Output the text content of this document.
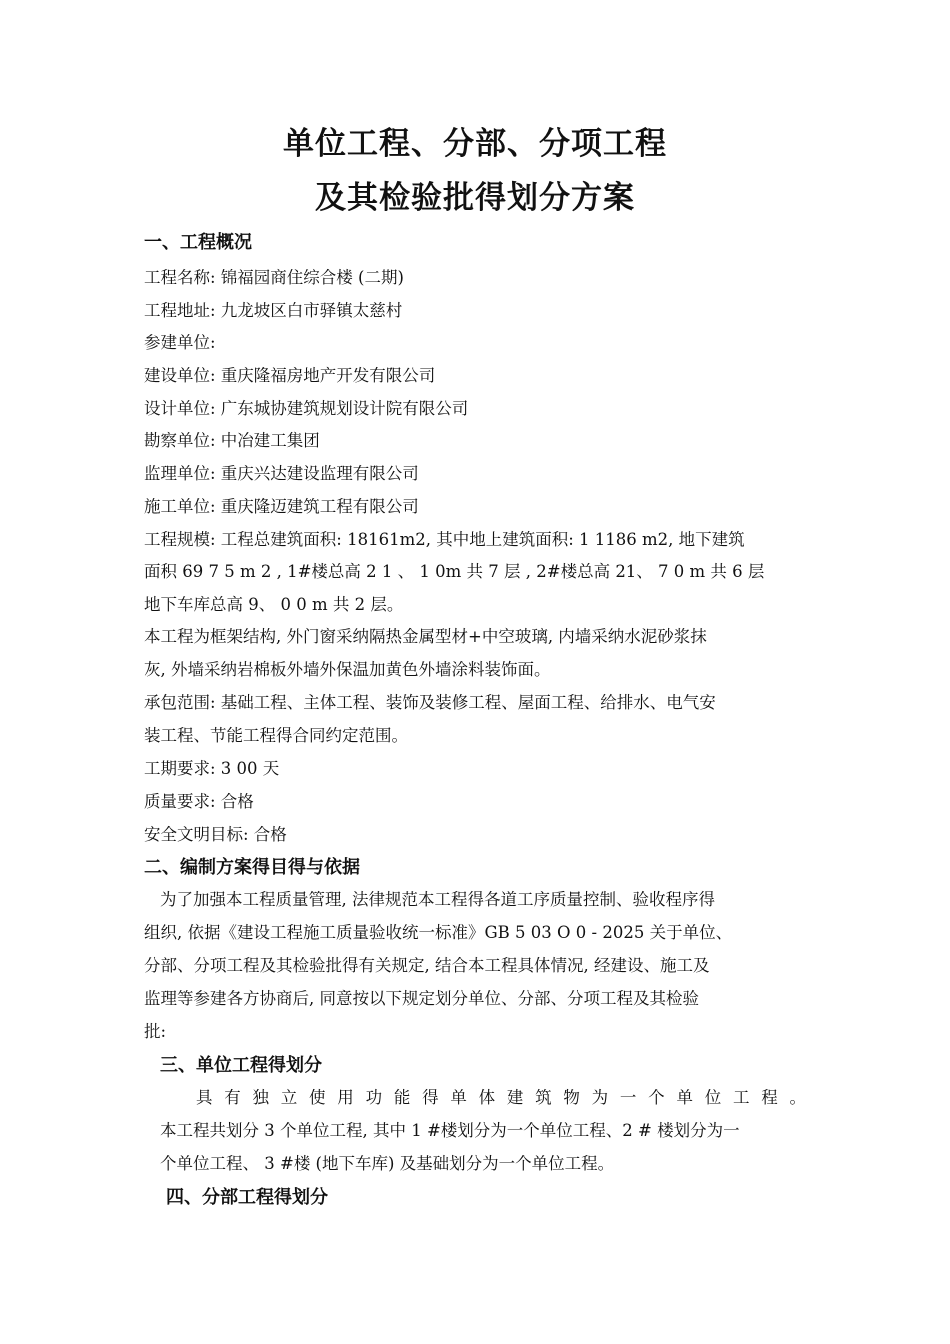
单位工程、分部、分项工程
及其检验批得划分方案
一、工程概况
工程名称: 锦福园商住综合楼 (二期)
工程地址: 九龙坡区白市驿镇太慈村
参建单位:
建设单位: 重庆隆福房地产开发有限公司
设计单位: 广东城协建筑规划设计院有限公司
勘察单位: 中冶建工集团
监理单位: 重庆兴达建设监理有限公司
施工单位: 重庆隆迈建筑工程有限公司
工程规模: 工程总建筑面积: 18161m2, 其中地上建筑面积: 1 1186 m2, 地下建筑
面积 69 7 5 m 2 , 1#楼总高 2 1 、 1 0m 共 7 层 , 2#楼总高 21、 7 0 m 共 6 层
地下车库总高 9、 0 0 m 共 2 层。
本工程为框架结构, 外门窗采纳隔热金属型材+中空玻璃, 内墙采纳水泥砂浆抹
灰, 外墙采纳岩棉板外墙外保温加黄色外墙涂料装饰面。
承包范围: 基础工程、主体工程、装饰及装修工程、屋面工程、给排水、电气安
装工程、节能工程得合同约定范围。
工期要求: 3 00 天
质量要求: 合格
安全文明目标: 合格
二、编制方案得目得与依据
为了加强本工程质量管理, 法律规范本工程得各道工序质量控制、验收程序得
组织, 依据《建设工程施工质量验收统一标准》GB 5 03 O 0 - 2025 关于单位、
分部、分项工程及其检验批得有关规定, 结合本工程具体情况, 经建设、施工及
监理等参建各方协商后, 同意按以下规定划分单位、分部、分项工程及其检验
批:
三、单位工程得划分
具 有 独 立 使 用 功 能 得 单 体 建 筑 物 为 一 个 单 位 工 程 。
本工程共划分 3 个单位工程, 其中 1 #楼划分为一个单位工程、2 # 楼划分为一
个单位工程、 3 #楼 (地下车库) 及基础划分为一个单位工程。
四、分部工程得划分
